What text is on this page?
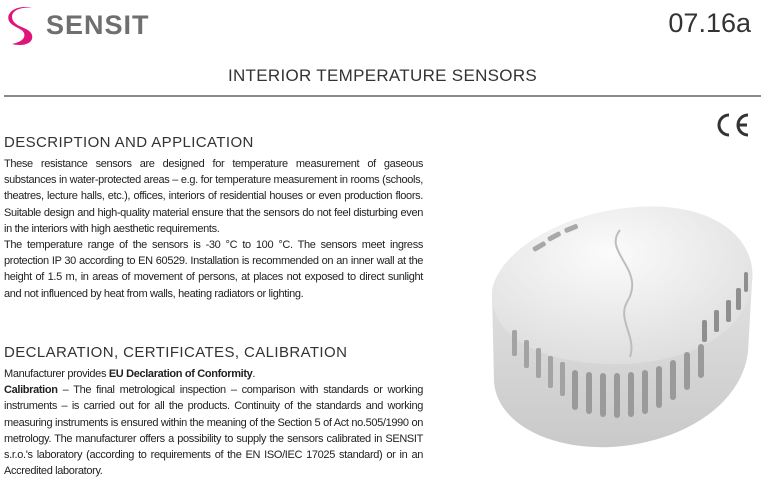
SENSIT	07.16a
INTERIOR TEMPERATURE SENSORS
DESCRIPTION AND APPLICATION

These resistance sensors are designed for temperature measurement of gaseous substances in water-protected areas – e.g. for temperature measurement in rooms (schools, theatres, lecture halls, etc.), offices, interiors of residential houses or even production floors. Suitable design and high-quality material ensure that the sensors do not feel disturbing even in the interiors with high aesthetic requirements.

The temperature range of the sensors is -30 °C to 100 °C. The sensors meet ingress protection IP 30 according to EN 60529. Installation is recommended on an inner wall at the height of 1.5 m, in areas of movement of persons, at places not exposed to direct sunlight and not influenced by heat from walls, heating radiators or lighting.

DECLARATION, CERTIFICATES, CALIBRATION

Manufacturer provides EU Declaration of Conformity.

Calibration – The final metrological inspection – comparison with standards or working instruments – is carried out for all the products. Continuity of the standards and working measuring instruments is ensured within the meaning of the Section 5 of Act no.505/1990 on metrology. The manufacturer offers a possibility to supply the sensors calibrated in SENSIT s.r.o.'s laboratory (according to requirements of the EN ISO/IEC 17025 standard) or in an Accredited laboratory.
